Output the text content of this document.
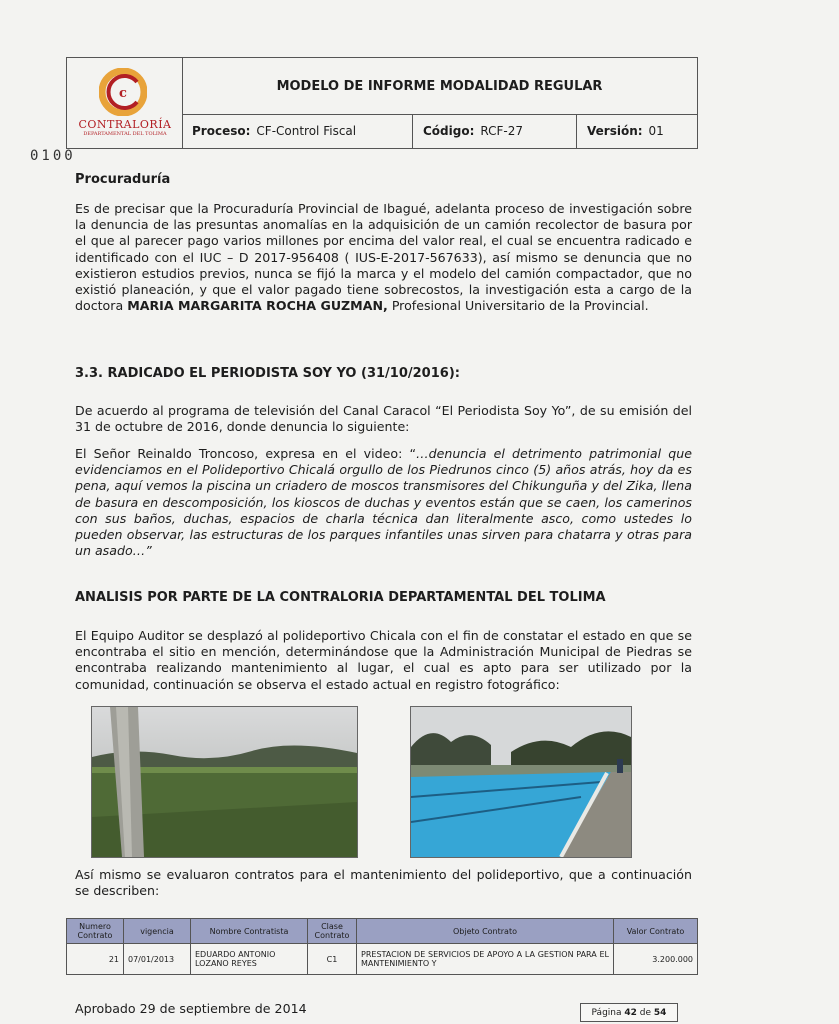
c
CONTRALORÍA
DEPARTAMENTAL DEL TOLIMA
MODELO DE INFORME MODALIDAD REGULAR
Proceso: CF-Control Fiscal	Código: RCF-27	Versión: 01
0100
Procuraduría
Es de precisar que la Procuraduría Provincial de Ibagué, adelanta proceso de investigación sobre la denuncia de las presuntas anomalías en la adquisición de un camión recolector de basura por el que al parecer pago varios millones por encima del valor real, el cual se encuentra radicado e identificado con el IUC – D 2017-956408 ( IUS-E-2017-567633), así mismo se denuncia que no existieron estudios previos, nunca se fijó la marca y el modelo del camión compactador, que no existió planeación, y que el valor pagado tiene sobrecostos, la investigación esta a cargo de la doctora MARIA MARGARITA ROCHA GUZMAN, Profesional Universitario de la Provincial.
3.3. RADICADO EL PERIODISTA SOY YO (31/10/2016):
De acuerdo al programa de televisión del Canal Caracol “El Periodista Soy Yo”, de su emisión del 31 de octubre de 2016, donde denuncia lo siguiente:
El Señor Reinaldo Troncoso, expresa en el video: “…denuncia el detrimento patrimonial que evidenciamos en el Polideportivo Chicalá orgullo de los Piedrunos cinco (5) años atrás, hoy da es pena, aquí vemos la piscina un criadero de moscos transmisores del Chikunguña y del Zika, llena de basura en descomposición, los kioscos de duchas y eventos están que se caen, los camerinos con sus baños, duchas, espacios de charla técnica dan literalmente asco, como ustedes lo pueden observar, las estructuras de los parques infantiles unas sirven para chatarra y otras para un asado…”
ANALISIS POR PARTE DE LA CONTRALORIA DEPARTAMENTAL DEL TOLIMA
El Equipo Auditor se desplazó al polideportivo Chicala con el fin de constatar el estado en que se encontraba el sitio en mención, determinándose que la Administración Municipal de Piedras se encontraba realizando mantenimiento al lugar, el cual es apto para ser utilizado por la comunidad, continuación se observa el estado actual en registro fotográfico:
Así mismo se evaluaron contratos para el mantenimiento del polideportivo, que a continuación se describen:
Numero Contrato	vigencia	Nombre Contratista	Clase Contrato	Objeto Contrato	Valor Contrato
21	07/01/2013	EDUARDO ANTONIO LOZANO REYES	C1	PRESTACION DE SERVICIOS DE APOYO A LA GESTION PARA EL MANTENIMIENTO Y	3.200.000
Aprobado 29 de septiembre de 2014	Página
42
de
54
